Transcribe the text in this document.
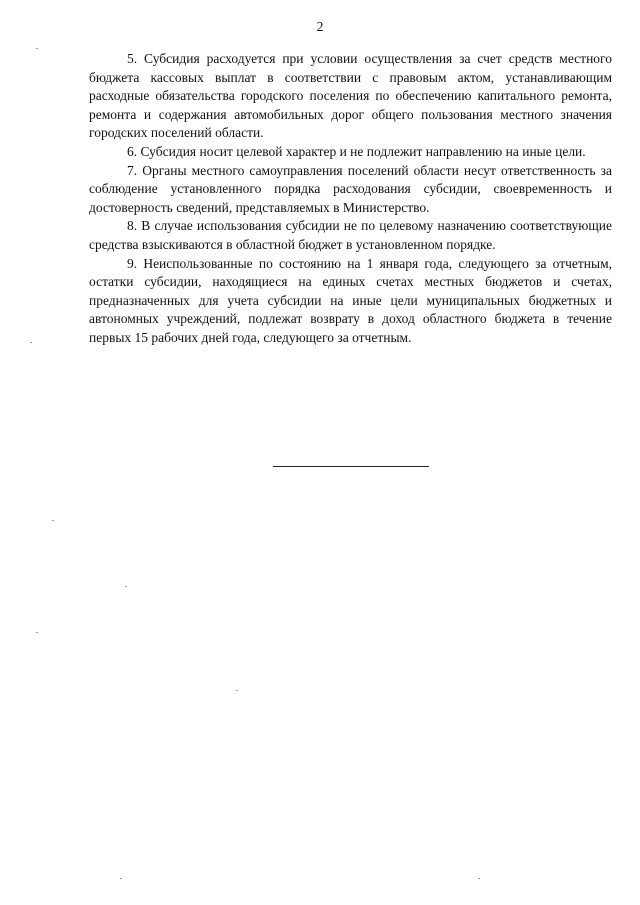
2

5. Субсидия расходуется при условии осуществления за счет средств местного бюджета кассовых выплат в соответствии с правовым актом, устанавливающим расходные обязательства городского поселения по обеспечению капитального ремонта, ремонта и содержания автомобильных дорог общего пользования местного значения городских поселений области.

6. Субсидия носит целевой характер и не подлежит направлению на иные цели.

7. Органы местного самоуправления поселений области несут ответственность за соблюдение установленного порядка расходования субсидии, своевременность и достоверность сведений, представляемых в Министерство.

8. В случае использования субсидии не по целевому назначению соответствующие средства взыскиваются в областной бюджет в установленном порядке.

9. Неиспользованные по состоянию на 1 января года, следующего за отчетным, остатки субсидии, находящиеся на единых счетах местных бюджетов и счетах, предназначенных для учета субсидии на иные цели муниципальных бюджетных и автономных учреждений, подлежат возврату в доход областного бюджета в течение первых 15 рабочих дней года, следующего за отчетным.
